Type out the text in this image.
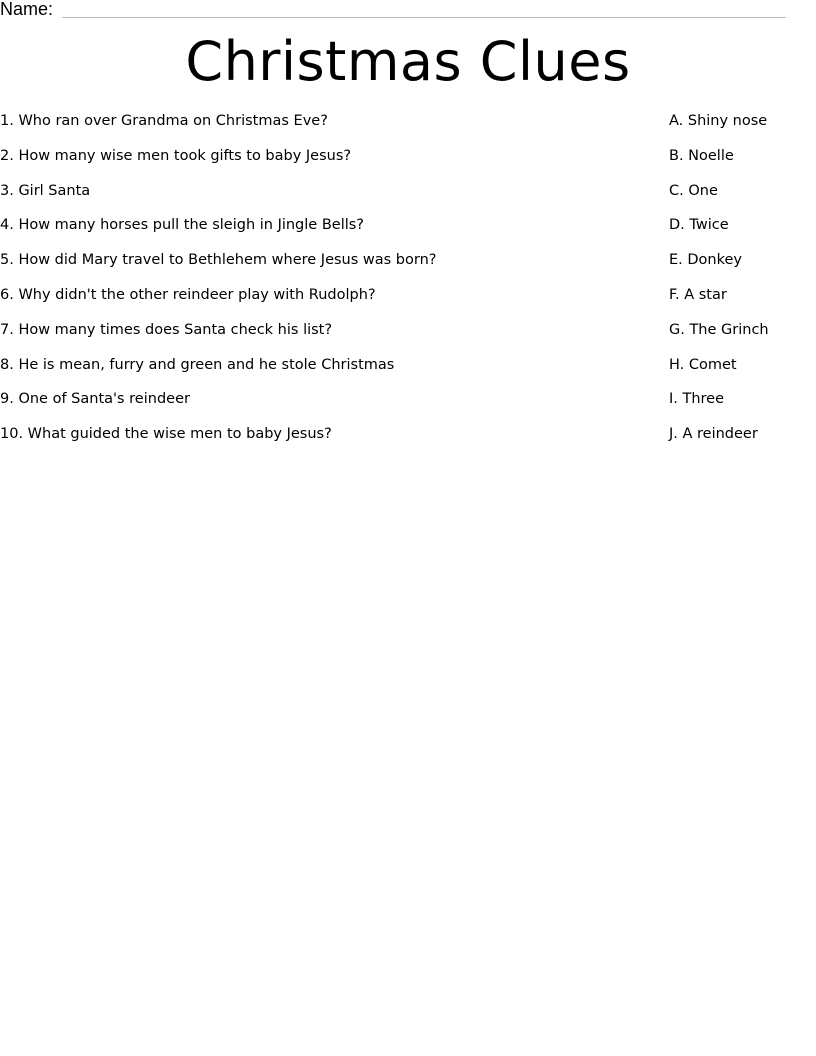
Name:
Christmas Clues
1. Who ran over Grandma on Christmas Eve?	A. Shiny nose
2. How many wise men took gifts to baby Jesus?	B. Noelle
3. Girl Santa	C. One
4. How many horses pull the sleigh in Jingle Bells?	D. Twice
5. How did Mary travel to Bethlehem where Jesus was born?	E. Donkey
6. Why didn't the other reindeer play with Rudolph?	F. A star
7. How many times does Santa check his list?	G. The Grinch
8. He is mean, furry and green and he stole Christmas	H. Comet
9. One of Santa's reindeer	I. Three
10. What guided the wise men to baby Jesus?	J. A reindeer
